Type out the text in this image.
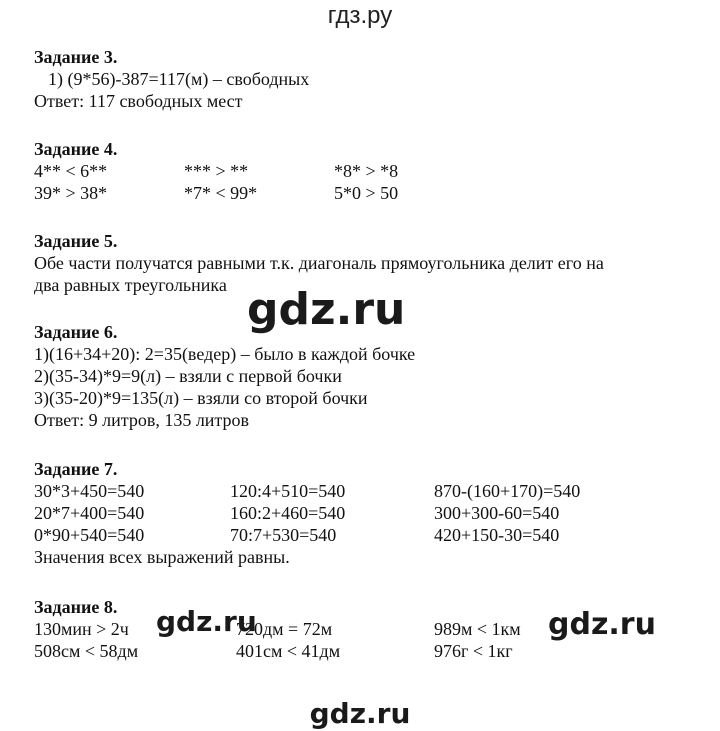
гдз.ру
Задание 3.
1) (9*56)-387=117(м) – свободных
Ответ: 117 свободных мест
Задание 4.
4** < 6**	*** > **	*8* > *8
39* > 38*	*7* < 99*	5*0 > 50
Задание 5.
Обе части получатся равными т.к. диагональ прямоугольника делит его на
два равных треугольника
Задание 6.
1)(16+34+20): 2=35(ведер) – было в каждой бочке
2)(35-34)*9=9(л) – взяли с первой бочки
3)(35-20)*9=135(л) – взяли со второй бочки
Ответ: 9 литров, 135 литров
Задание 7.
30*3+450=540	120:4+510=540	870-(160+170)=540
20*7+400=540	160:2+460=540	300+300-60=540
0*90+540=540	70:7+530=540	420+150-30=540
Значения всех выражений равны.
Задание 8.
130мин > 2ч	720дм = 72м	989м < 1км
508см < 58дм	401см < 41дм	976г < 1кг
gdz.ru
gdz.ru	gdz.ru
gdz.ru
